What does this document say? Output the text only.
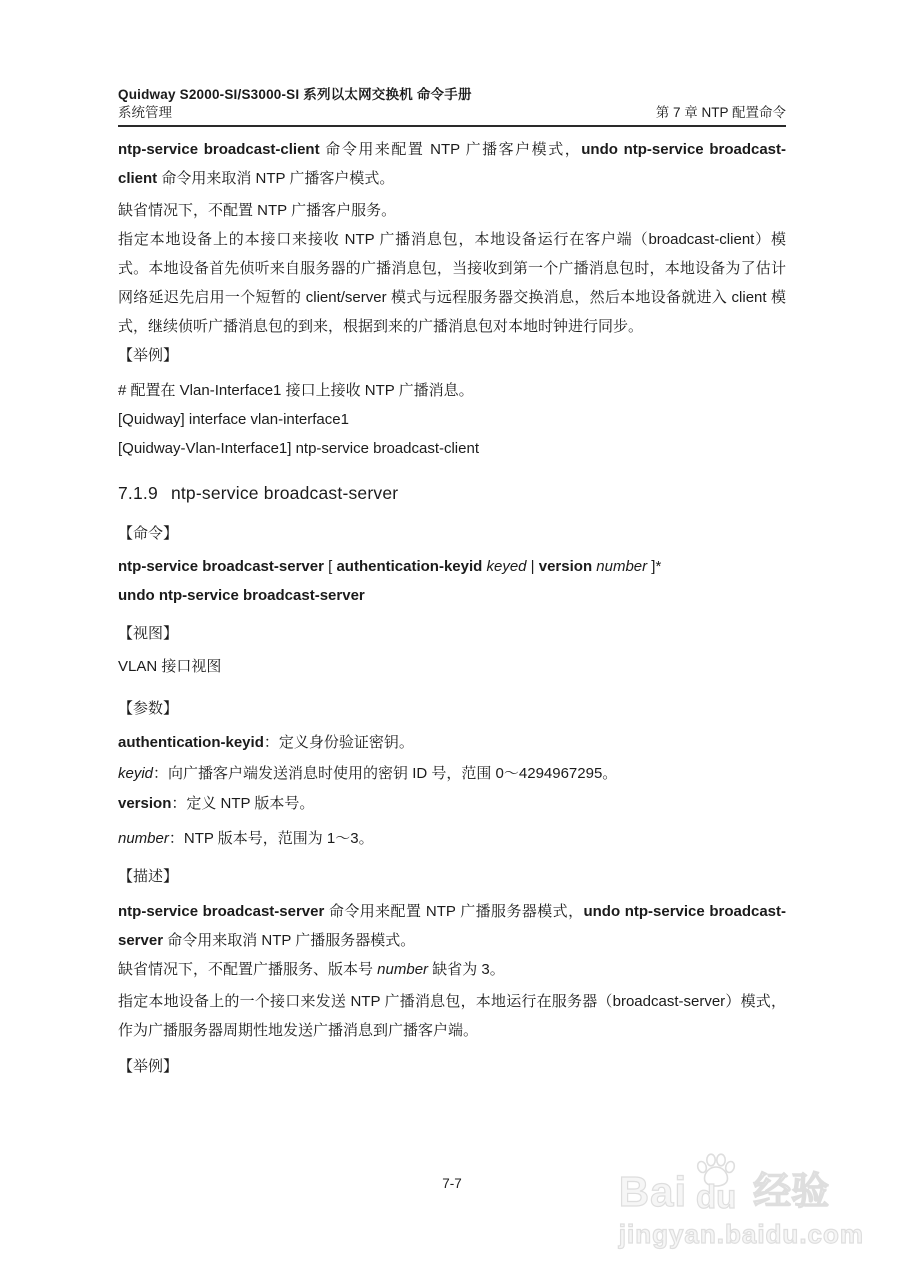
Quidway S2000-SI/S3000-SI 系列以太网交换机 命令手册
系统管理	第 7 章 NTP 配置命令

ntp-service broadcast-client 命令用来配置 NTP 广播客户模式，undo ntp-service broadcast-client 命令用来取消 NTP 广播客户模式。

缺省情况下，不配置 NTP 广播客户服务。

指定本地设备上的本接口来接收 NTP 广播消息包，本地设备运行在客户端（broadcast-client）模式。本地设备首先侦听来自服务器的广播消息包，当接收到第一个广播消息包时，本地设备为了估计网络延迟先启用一个短暂的 client/server 模式与远程服务器交换消息，然后本地设备就进入 client 模式，继续侦听广播消息包的到来，根据到来的广播消息包对本地时钟进行同步。

【举例】

# 配置在 Vlan-Interface1 接口上接收 NTP 广播消息。

[Quidway] interface vlan-interface1

[Quidway-Vlan-Interface1] ntp-service broadcast-client

7.1.9 ntp-service broadcast-server
【命令】

ntp-service broadcast-server [ authentication-keyid keyed | version number ]*

undo ntp-service broadcast-server

【视图】

VLAN 接口视图

【参数】

authentication-keyid：定义身份验证密钥。

keyid：向广播客户端发送消息时使用的密钥 ID 号，范围 0～4294967295。

version：定义 NTP 版本号。

number：NTP 版本号，范围为 1～3。

【描述】

ntp-service broadcast-server 命令用来配置 NTP 广播服务器模式，undo ntp-service broadcast-server 命令用来取消 NTP 广播服务器模式。

缺省情况下，不配置广播服务、版本号 number 缺省为 3。

指定本地设备上的一个接口来发送 NTP 广播消息包，本地运行在服务器（broadcast-server）模式，作为广播服务器周期性地发送广播消息到广播客户端。

【举例】
7-7	Bai du 经验
jingyan.baidu.com
